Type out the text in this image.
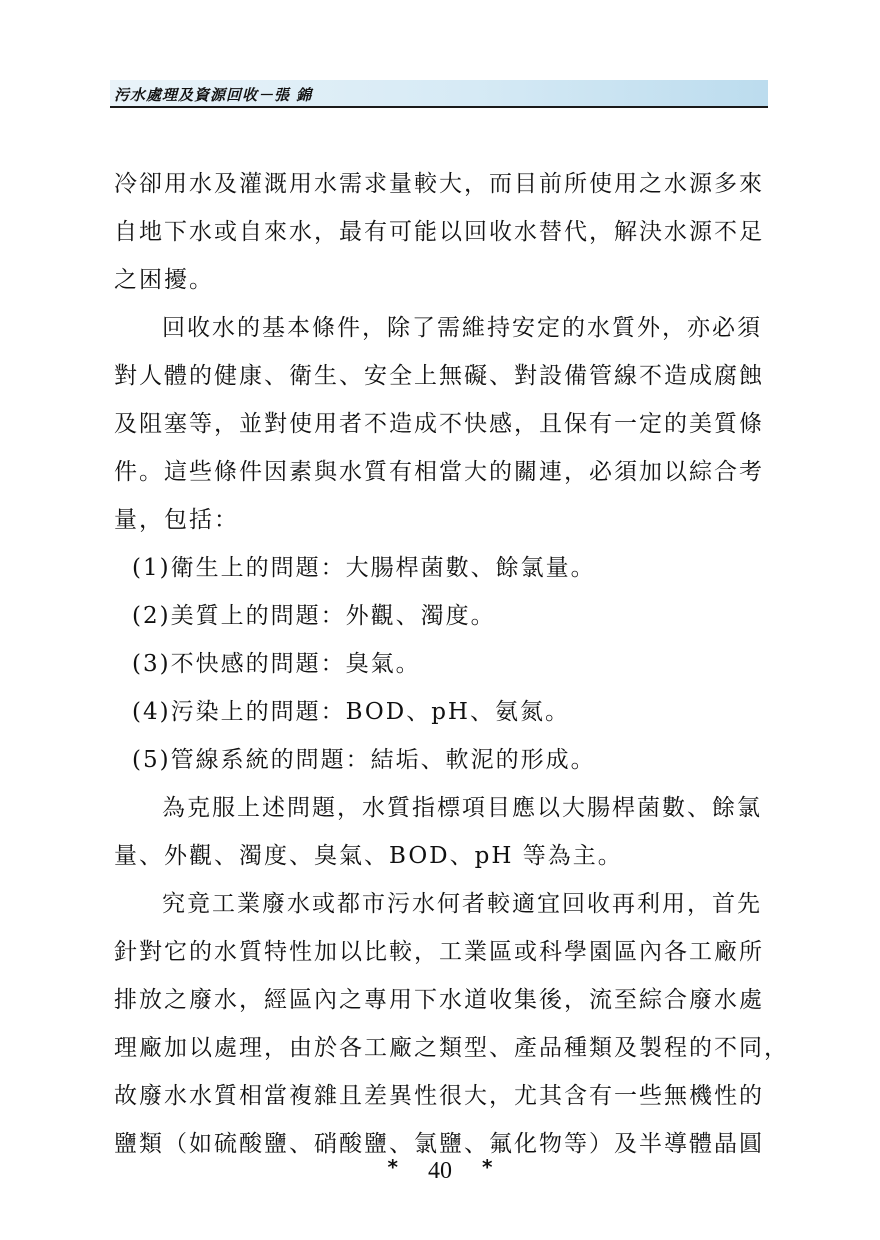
污水處理及資源回收－張 錦
冷卻用水及灌溉用水需求量較大，而目前所使用之水源多來
自地下水或自來水，最有可能以回收水替代，解決水源不足
之困擾。
回收水的基本條件，除了需維持安定的水質外，亦必須
對人體的健康、衛生、安全上無礙、對設備管線不造成腐蝕
及阻塞等，並對使用者不造成不快感，且保有一定的美質條
件。這些條件因素與水質有相當大的關連，必須加以綜合考
量，包括：
(1)衛生上的問題：大腸桿菌數、餘氯量。
(2)美質上的問題：外觀、濁度。
(3)不快感的問題：臭氣。
(4)污染上的問題：BOD、pH、氨氮。
(5)管線系統的問題：結垢、軟泥的形成。
為克服上述問題，水質指標項目應以大腸桿菌數、餘氯
量、外觀、濁度、臭氣、BOD、pH 等為主。
究竟工業廢水或都市污水何者較適宜回收再利用，首先
針對它的水質特性加以比較，工業區或科學園區內各工廠所
排放之廢水，經區內之專用下水道收集後，流至綜合廢水處
理廠加以處理，由於各工廠之類型、產品種類及製程的不同，
故廢水水質相當複雜且差異性很大，尤其含有一些無機性的
鹽類（如硫酸鹽、硝酸鹽、氯鹽、氟化物等）及半導體晶圓
* 40 *
